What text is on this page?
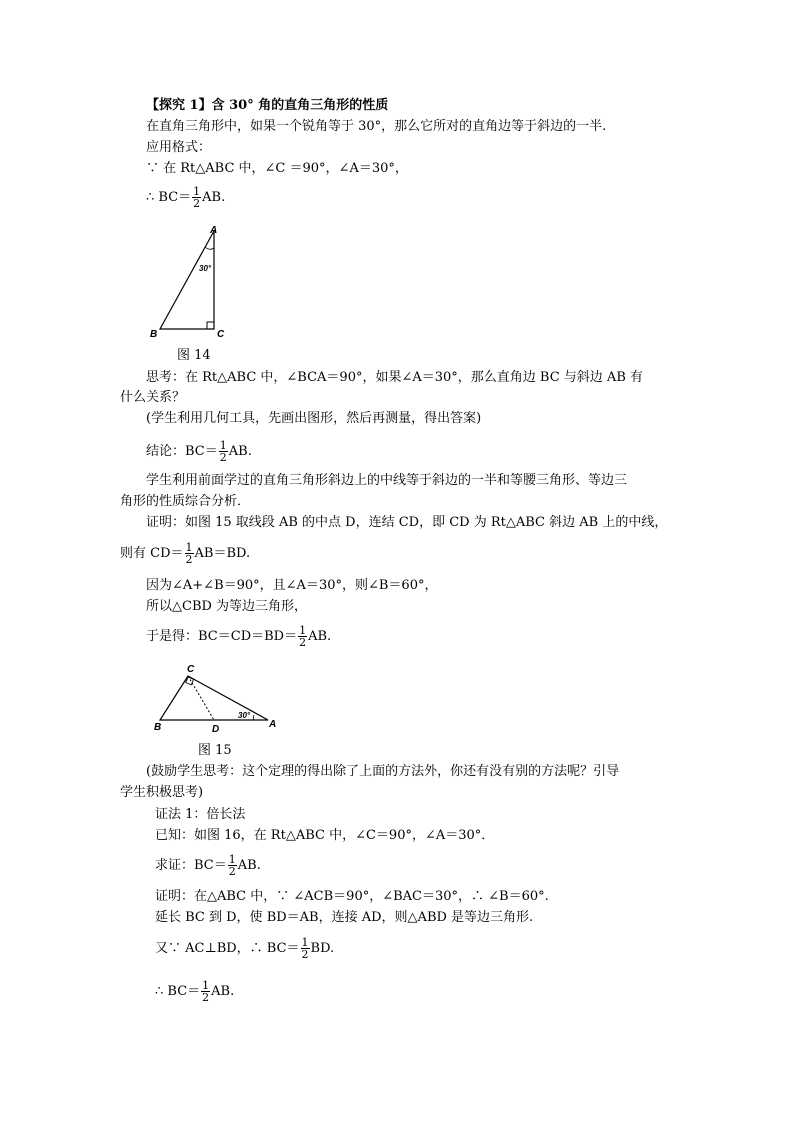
【探究 1】含 30° 角的直角三角形的性质
在直角三角形中，如果一个锐角等于 30°，那么它所对的直角边等于斜边的一半.
应用格式：
∵ 在 Rt△ABC 中，∠C ＝90°，∠A＝30°，
∴ $BC= \frac{1}{2}$ AB.
A
B	C
30°
图 14
思考：在 Rt△ABC 中，∠BCA＝90°，如果∠A＝30°，那么直角边 BC 与斜边 AB 有
什么关系？
(学生利用几何工具，先画出图形，然后再测量，得出答案)
结论：$BC= \frac{1}{2}$ AB.
学生利用前面学过的直角三角形斜边上的中线等于斜边的一半和等腰三角形、等边三
角形的性质综合分析．
证明：如图 15 取线段 AB 的中点 D，连结 CD，即 CD 为 Rt△ABC 斜边 AB 上的中线，
则有 $CD= \frac{1}{2} AB=BD$.
因为∠A+∠B＝90°，且∠A＝30°，则∠B＝60°，
所以△CBD 为等边三角形，
于是得：$BC=CD=BD= \frac{1}{2}$ AB.
C
B	D	A
30°
图 15
(鼓励学生思考：这个定理的得出除了上面的方法外，你还有没有别的方法呢？引导
学生积极思考)
证法 1：倍长法
已知：如图 16，在 Rt△ABC 中，∠C＝90°，∠A＝30°．
求证：$BC= \frac{1}{2}$ AB.
证明：在△ABC 中，∵ ∠ACB＝90°，∠BAC＝30°，∴ ∠B＝60°.
延长 BC 到 D，使 BD＝AB，连接 AD，则△ABD 是等边三角形.
又∵ AC⊥BD，∴ $BC= \frac{1}{2}$ BD.
∴ $BC= \frac{1}{2}$ AB.
